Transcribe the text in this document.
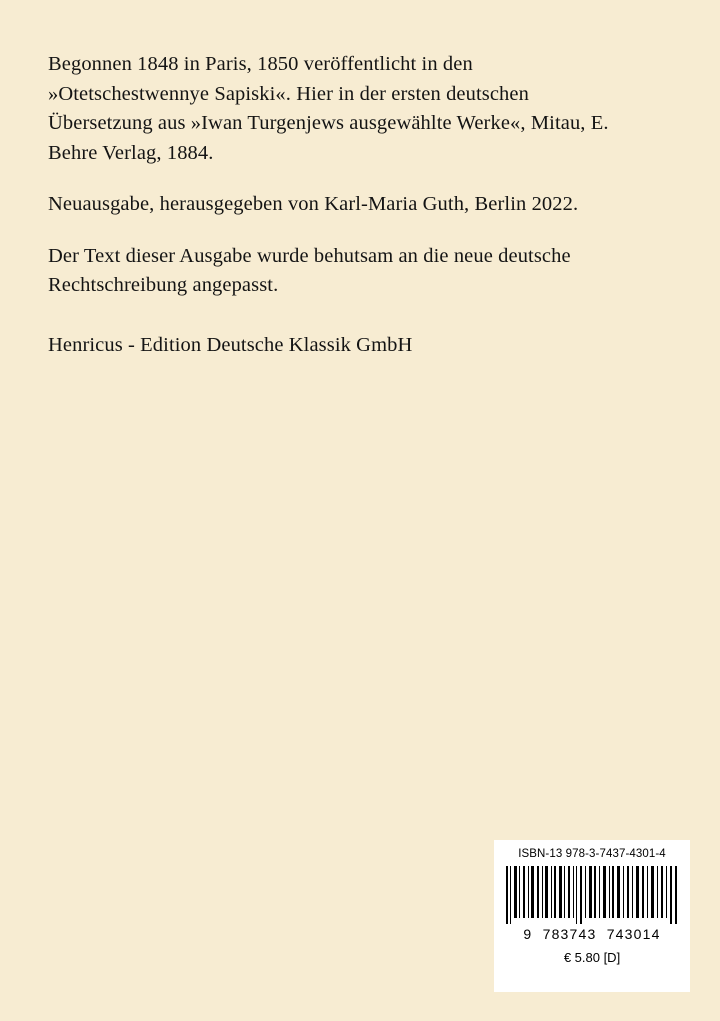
Begonnen 1848 in Paris, 1850 veröffentlicht in den »Otetschestwennye Sapiski«. Hier in der ersten deutschen Übersetzung aus »Iwan Turgenjews ausgewählte Werke«, Mitau, E. Behre Verlag, 1884.

Neuausgabe, herausgegeben von Karl-Maria Guth, Berlin 2022.

Der Text dieser Ausgabe wurde behutsam an die neue deutsche Rechtschreibung angepasst.

Henricus - Edition Deutsche Klassik GmbH

ISBN-13 978-3-7437-4301-4
9 783743 743014
€ 5.80 [D]
